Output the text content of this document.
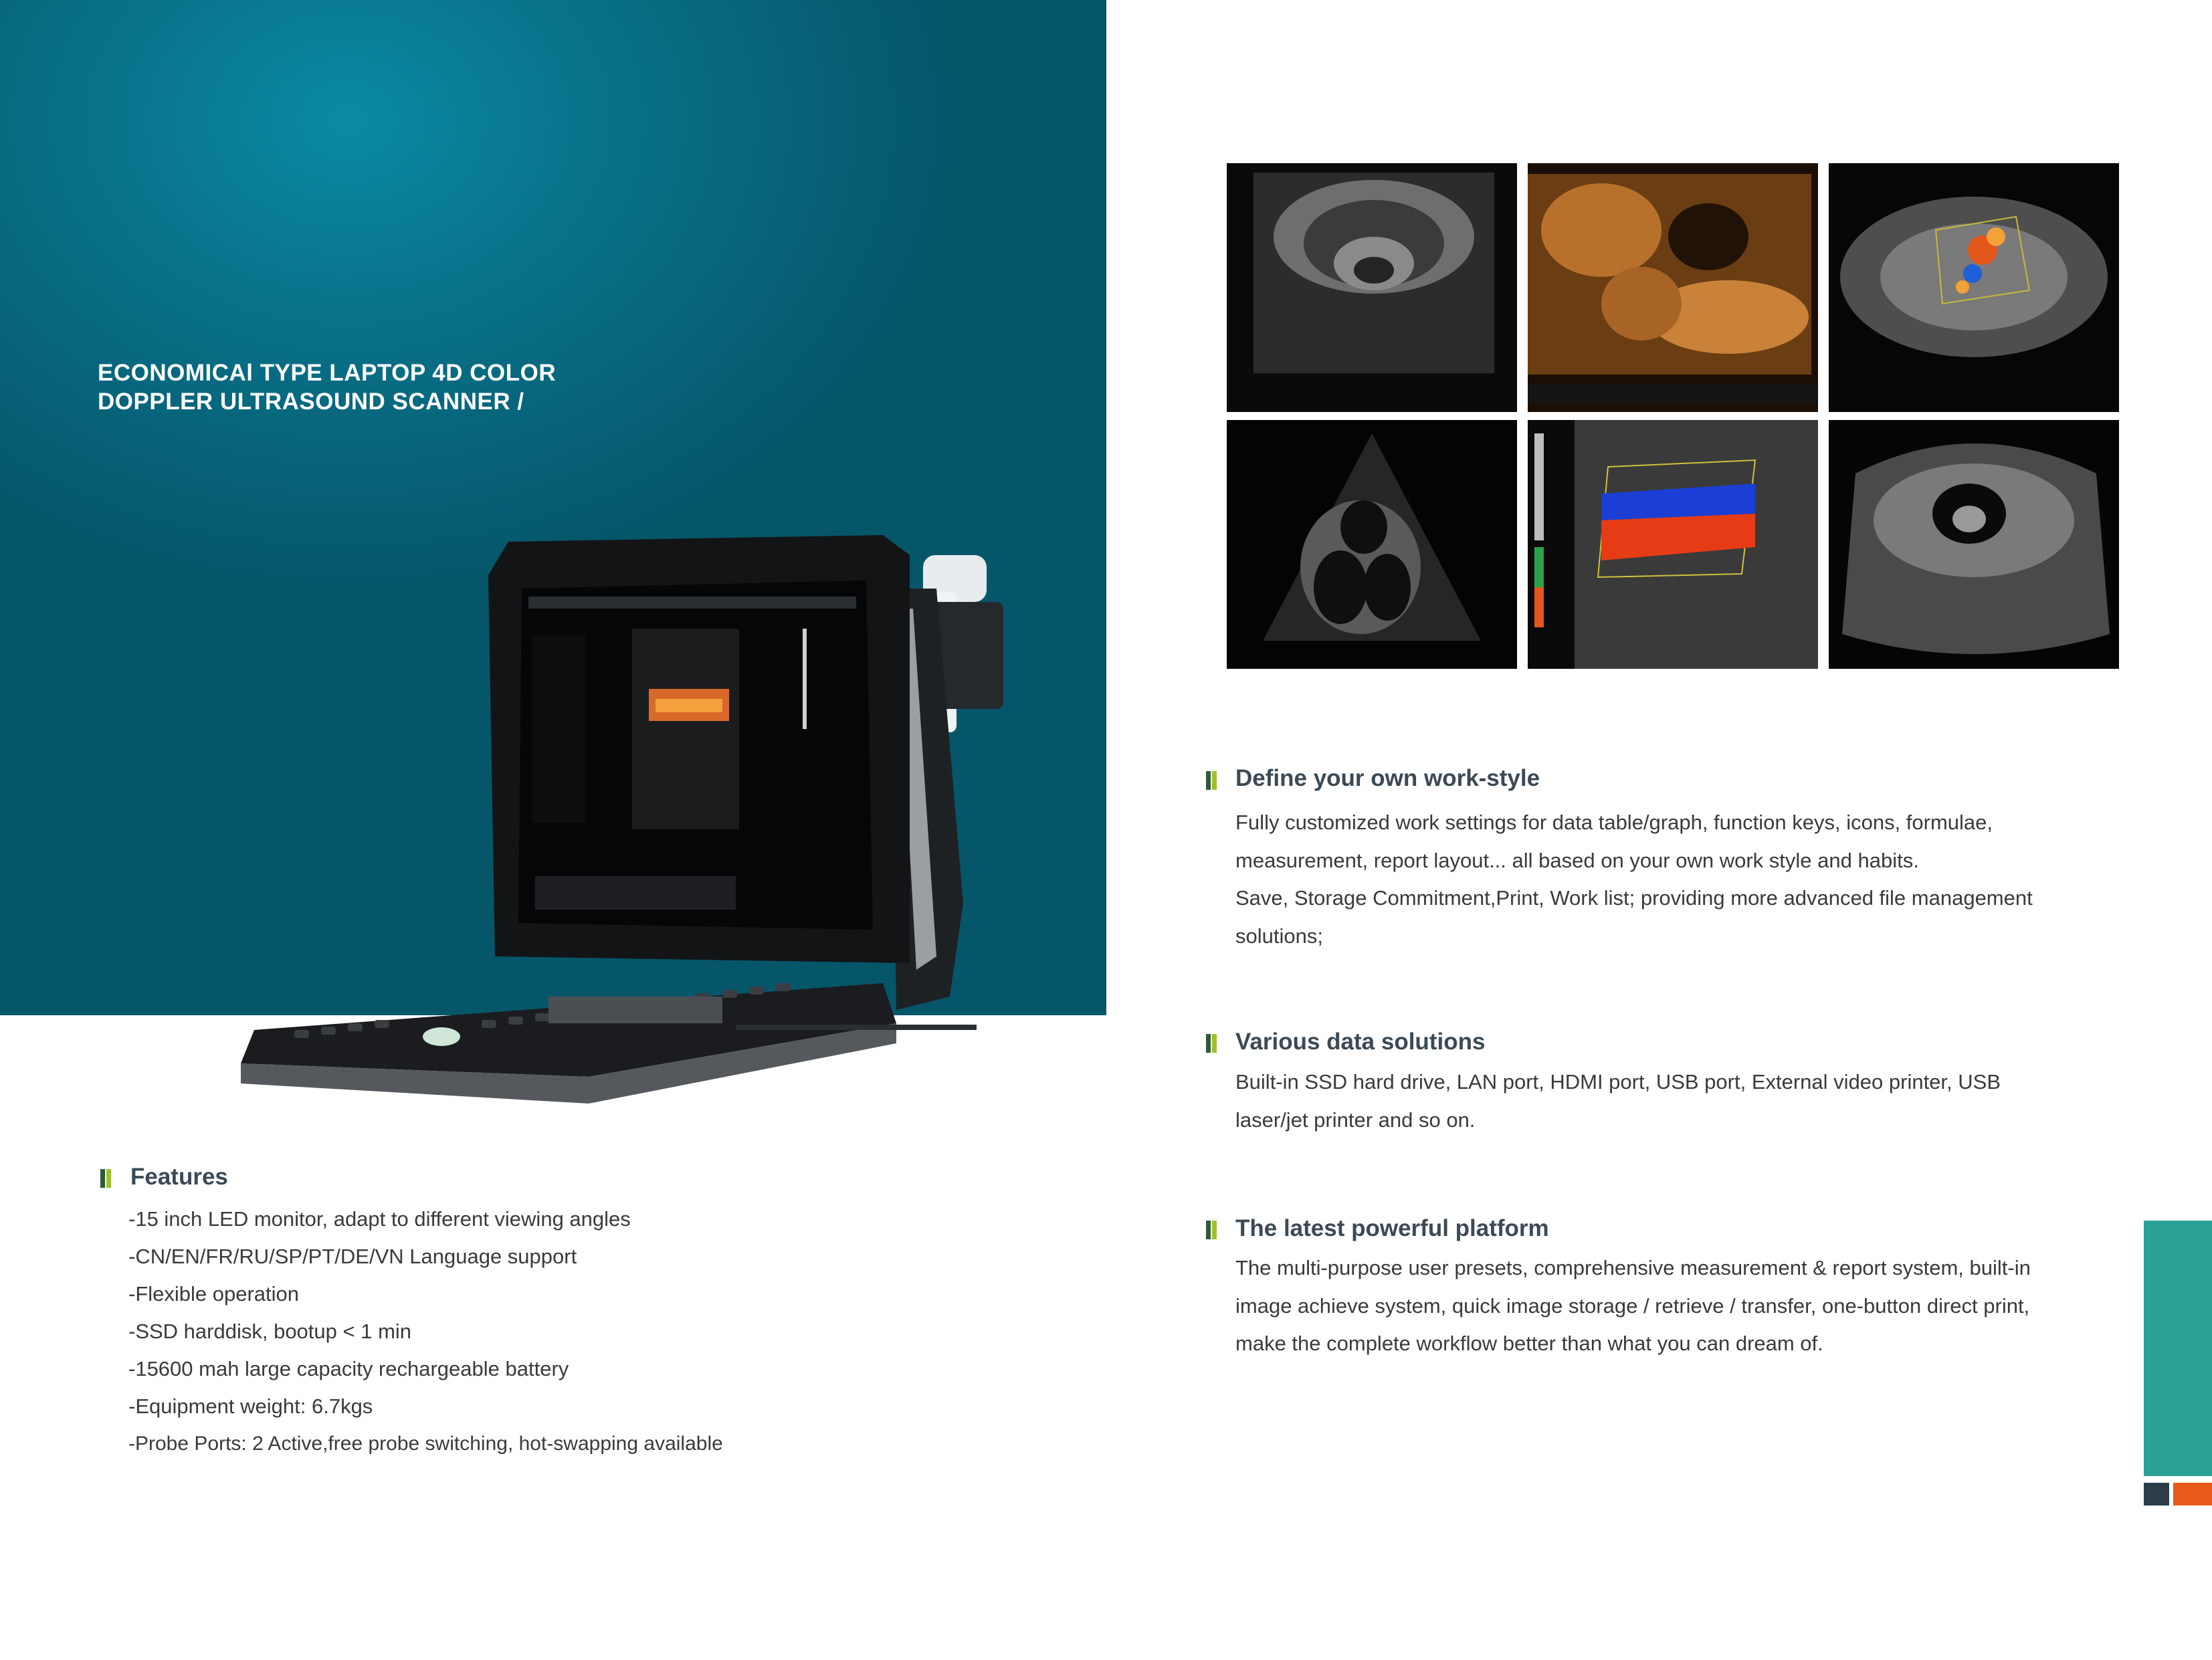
ECONOMICAl​ TYPE LAPTOP 4D COLOR
DOPPLER ULTRASOUND SCANNER /
Features
-15 inch LED monitor, adapt to different viewing angles
-CN/EN/FR/RU/SP/PT/DE/VN Language support
-Flexible operation
-SSD harddisk, bootup < 1 min
-15600 mah large capacity rechargeable battery
-Equipment weight: 6.7kgs
-Probe Ports: 2 Active,free probe switching, hot-swapping available
Define your own work-style
Fully customized work settings for data table/graph, function keys, icons, formulae,
measurement, report layout... all based on your own work style and habits.
Save, Storage Commitment,Print, Work list; providing more advanced file management
solutions;
Various data solutions
Built-in SSD hard drive, LAN port, HDMI port, USB port, External video printer, USB
laser/jet printer and so on.
The latest powerful platform
The multi-purpose user presets, comprehensive measurement & report system, built-in
image achieve system, quick image storage / retrieve / transfer, one-button direct print,
make the complete workflow better than what you can dream of.
